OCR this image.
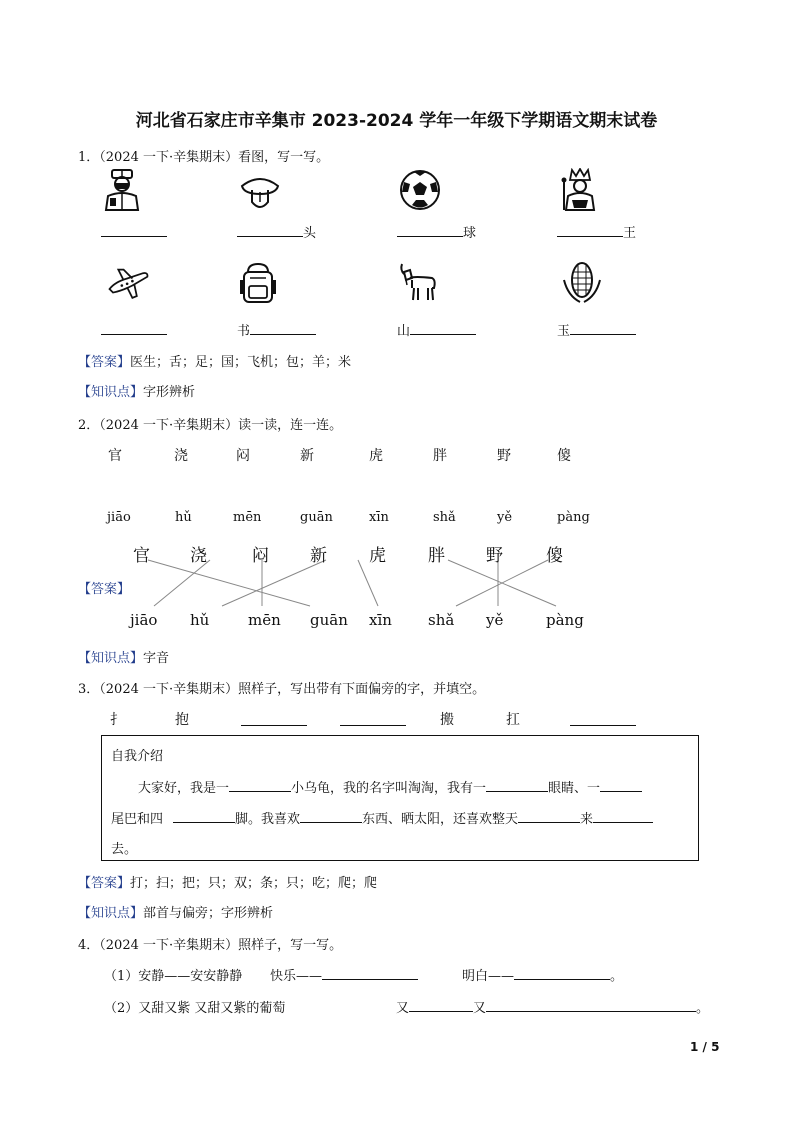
河北省石家庄市辛集市 2023-2024 学年一年级下学期语文期末试卷
1．（2024 一下·辛集期末）看图，写一写。
头	球	王
书	山	玉
【答案】医生；舌；足；国；飞机；包；羊；米
【知识点】字形辨析
2．（2024 一下·辛集期末）读一读，连一连。
官	浇	闷	新	虎	胖	野	傻
jiāo	hǔ	mēn	guān	xīn	shǎ	yě	pàng
官 浇	闷 新 虎 胖 野	傻
【答案】
jiāo hǔ	mēn guān xīn shǎ yě	pàng
【知识点】字音
3．（2024 一下·辛集期末）照样子，写出带有下面偏旁的字，并填空。
扌	抱	搬	扛
自我介绍
大家好，我是一	小乌龟，我的名字叫淘淘，我有一	眼睛、一
尾巴和四	脚。我喜欢	东西、晒太阳，还喜欢整天	来
去。
【答案】打；扫；把；只；双；条；只；吃；爬；爬
【知识点】部首与偏旁；字形辨析
4．（2024 一下·辛集期末）照样子，写一写。
（1）安静——安安静静 快乐——	明白——	。
（2）又甜又紫 又甜又紫的葡萄	又	又	。
1 / 5
